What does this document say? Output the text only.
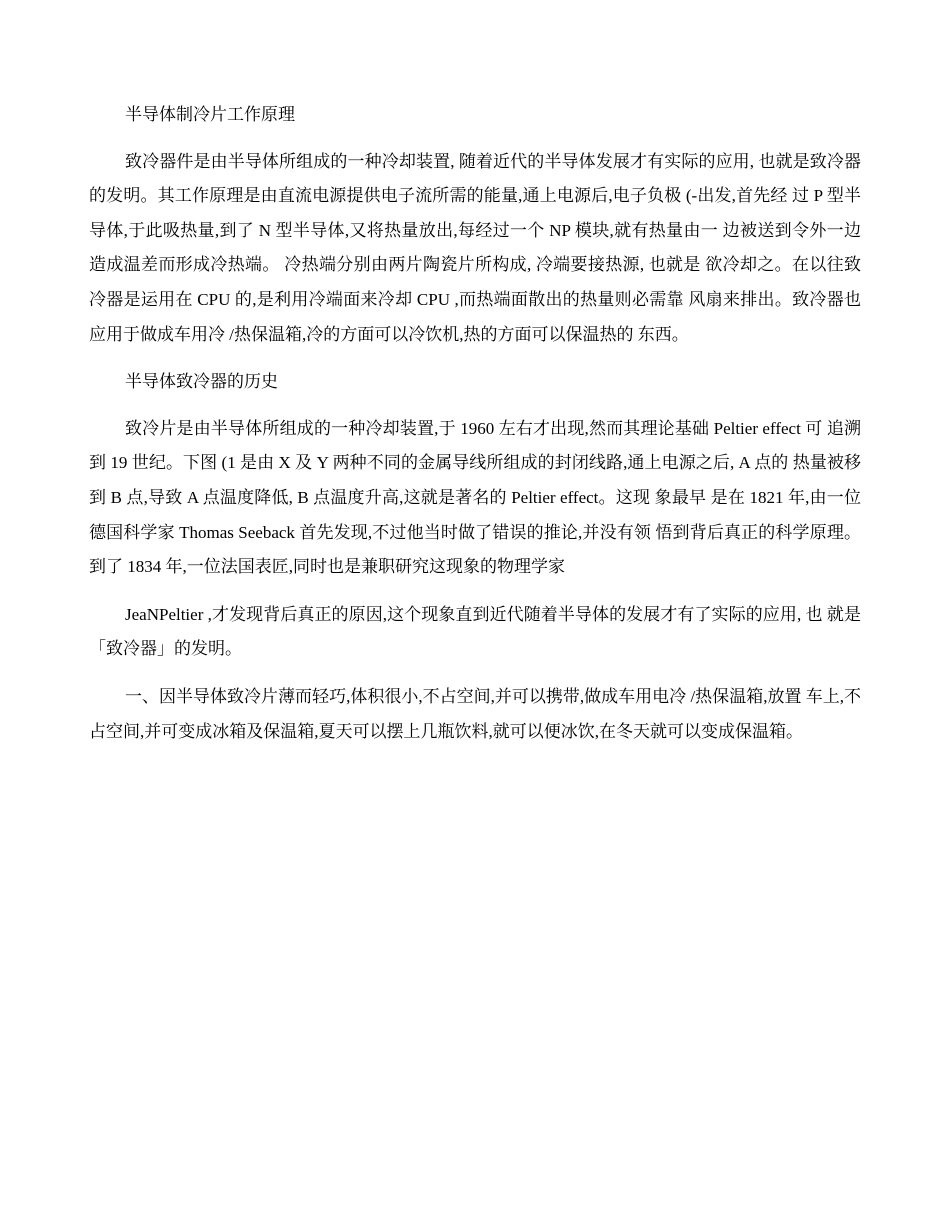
半导体制冷片工作原理

致冷器件是由半导体所组成的一种冷却装置, 随着近代的半导体发展才有实际的应用, 也就是致冷器 的发明。其工作原理是由直流电源提供电子流所需的能量,通上电源后,电子负极 (-出发,首先经 过 P 型半导体,于此吸热量,到了 N 型半导体,又将热量放出,每经过一个 NP 模块,就有热量由一 边被送到令外一边造成温差而形成冷热端。 冷热端分别由两片陶瓷片所构成, 冷端要接热源, 也就是 欲冷却之。在以往致冷器是运用在 CPU 的,是利用冷端面来冷却 CPU ,而热端面散出的热量则必需靠 风扇来排出。致冷器也应用于做成车用冷 /热保温箱,冷的方面可以冷饮机,热的方面可以保温热的 东西。

半导体致冷器的历史

致冷片是由半导体所组成的一种冷却装置,于 1960 左右才出现,然而其理论基础 Peltier effect 可 追溯到 19 世纪。下图 (1 是由 X 及 Y 两种不同的金属导线所组成的封闭线路,通上电源之后, A 点的 热量被移到 B 点,导致 A 点温度降低, B 点温度升高,这就是著名的 Peltier effect。这现 象最早 是在 1821 年,由一位德国科学家 Thomas Seeback 首先发现,不过他当时做了错误的推论,并没有领 悟到背后真正的科学原理。到了 1834 年,一位法国表匠,同时也是兼职研究这现象的物理学家

JeaNPeltier ,才发现背后真正的原因,这个现象直到近代随着半导体的发展才有了实际的应用, 也 就是「致冷器」的发明。

一、因半导体致冷片薄而轻巧,体积很小,不占空间,并可以携带,做成车用电冷 /热保温箱,放置 车上,不占空间,并可变成冰箱及保温箱,夏天可以摆上几瓶饮料,就可以便冰饮,在冬天就可以变成保温箱。
